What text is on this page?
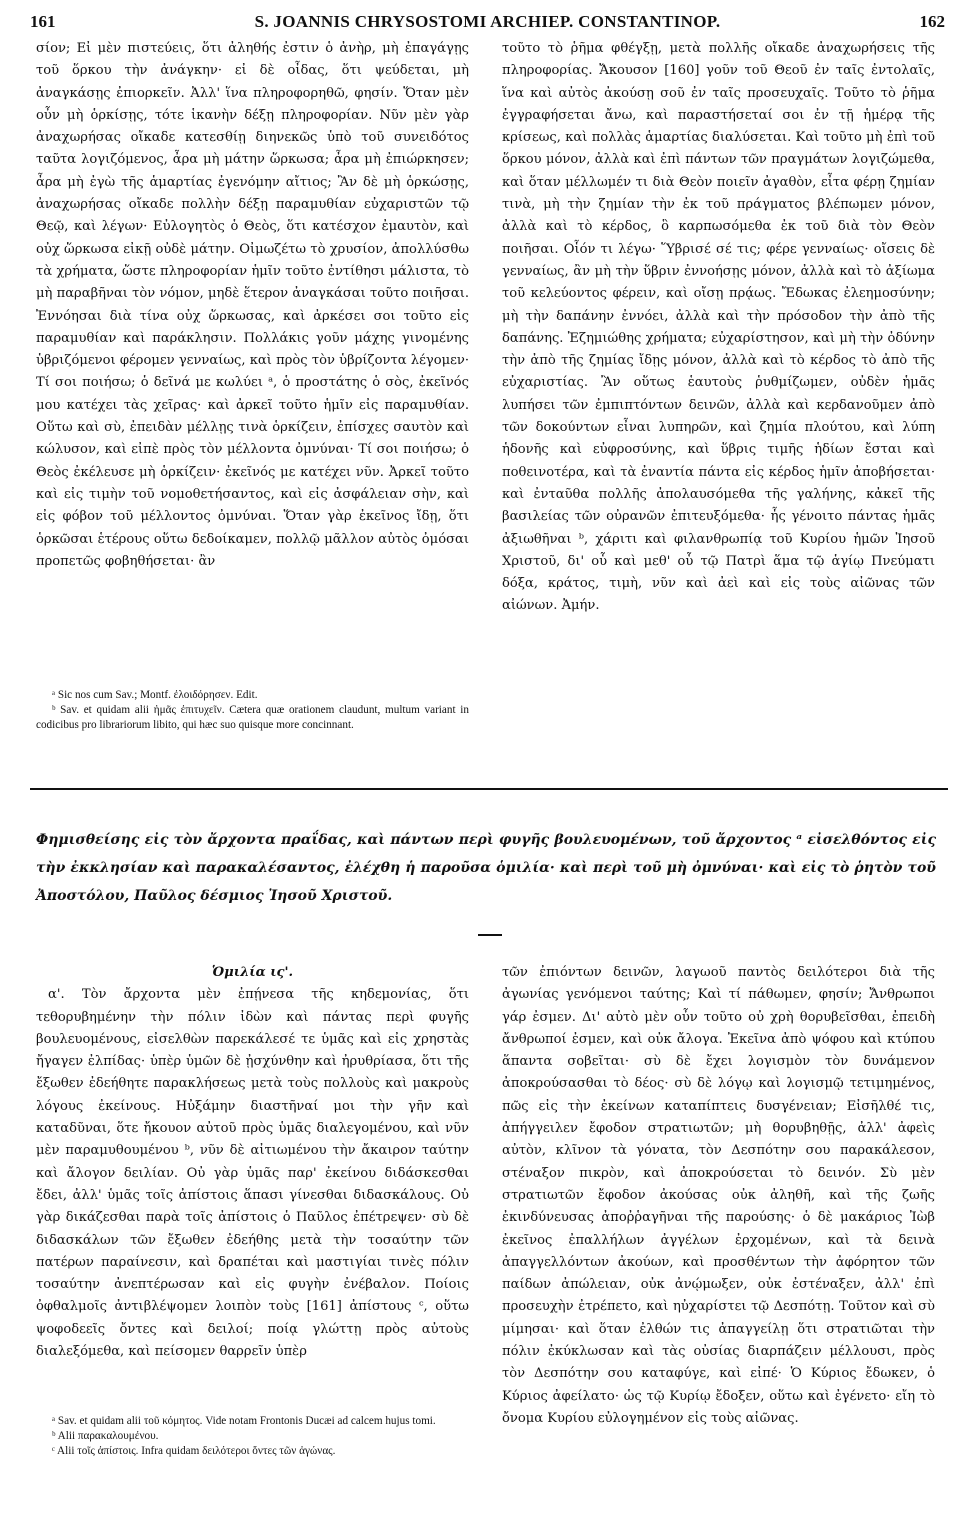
161	S. JOANNIS CHRYSOSTOMI ARCHIEP. CONSTANTINOP.	162

σίον; Εἰ μὲν πιστεύεις, ὅτι ἀληθής ἐστιν ὁ ἀνὴρ, μὴ ἐπαγάγῃς τοῦ ὅρκου τὴν ἀνάγκην· εἰ δὲ οἶδας, ὅτι ψεύδεται, μὴ ἀναγκάσῃς ἐπιορκεῖν. Ἀλλ' ἵνα πληροφορηθῶ, φησίν. Ὅταν μὲν οὖν μὴ ὁρκίσῃς, τότε ἱκανὴν δέξῃ πληροφορίαν. Νῦν μὲν γὰρ ἀναχωρήσας οἴκαδε κατεσθίῃ διηνεκῶς ὑπὸ τοῦ συνειδότος ταῦτα λογιζόμενος, ἆρα μὴ μάτην ὥρκωσα; ἆρα μὴ ἐπιώρκησεν; ἆρα μὴ ἐγὼ τῆς ἁμαρτίας ἐγενόμην αἴτιος; Ἂν δὲ μὴ ὁρκώσῃς, ἀναχωρήσας οἴκαδε πολλὴν δέξῃ παραμυθίαν εὐχαριστῶν τῷ Θεῷ, καὶ λέγων· Εὐλογητὸς ὁ Θεὸς, ὅτι κατέσχον ἐμαυτὸν, καὶ οὐχ ὥρκωσα εἰκῇ οὐδὲ μάτην. Οἰμωζέτω τὸ χρυσίον, ἀπολλύσθω τὰ χρήματα, ὥστε πληροφορίαν ἡμῖν τοῦτο ἐντίθησι μάλιστα, τὸ μὴ παραβῆναι τὸν νόμον, μηδὲ ἕτερον ἀναγκάσαι τοῦτο ποιῆσαι. Ἐννόησαι διὰ τίνα οὐχ ὥρκωσας, καὶ ἀρκέσει σοι τοῦτο εἰς παραμυθίαν καὶ παράκλησιν. Πολλάκις γοῦν μάχης γινομένης ὑβριζόμενοι φέρομεν γενναίως, καὶ πρὸς τὸν ὑβρίζοντα λέγομεν· Τί σοι ποιήσω; ὁ δεῖνά με κωλύει ᵃ, ὁ προστάτης ὁ σὸς, ἐκεῖνός μου κατέχει τὰς χεῖρας· καὶ ἀρκεῖ τοῦτο ἡμῖν εἰς παραμυθίαν. Οὕτω καὶ σὺ, ἐπειδὰν μέλλῃς τινὰ ὁρκίζειν, ἐπίσχες σαυτὸν καὶ κώλυσον, καὶ εἰπὲ πρὸς τὸν μέλλοντα ὀμνύναι· Τί σοι ποιήσω; ὁ Θεὸς ἐκέλευσε μὴ ὁρκίζειν· ἐκεῖνός με κατέχει νῦν. Ἀρκεῖ τοῦτο καὶ εἰς τιμὴν τοῦ νομοθετήσαντος, καὶ εἰς ἀσφάλειαν σὴν, καὶ εἰς φόβον τοῦ μέλλοντος ὀμνύναι. Ὅταν γὰρ ἐκεῖνος ἴδῃ, ὅτι ὁρκῶσαι ἑτέρους οὕτω δεδοίκαμεν, πολλῷ μᾶλλον αὐτὸς ὀμόσαι προπετῶς φοβηθήσεται· ἂν

ᵃ Sic nos cum Sav.; Montf. ἐλοιδόρησεν. Edit.

ᵇ Sav. et quidam alii ἡμᾶς ἐπιτυχεῖν. Cætera quæ orationem claudunt, multum variant in codicibus pro librariorum libito, qui hæc suo quisque more concinnant.

τοῦτο τὸ ῥῆμα φθέγξῃ, μετὰ πολλῆς οἴκαδε ἀναχωρήσεις τῆς πληροφορίας. Ἄκουσον [160] γοῦν τοῦ Θεοῦ ἐν ταῖς ἐντολαῖς, ἵνα καὶ αὐτὸς ἀκούσῃ σοῦ ἐν ταῖς προσευχαῖς. Τοῦτο τὸ ῥῆμα ἐγγραφήσεται ἄνω, καὶ παραστήσεταί σοι ἐν τῇ ἡμέρᾳ τῆς κρίσεως, καὶ πολλὰς ἁμαρτίας διαλύσεται. Καὶ τοῦτο μὴ ἐπὶ τοῦ ὅρκου μόνον, ἀλλὰ καὶ ἐπὶ πάντων τῶν πραγμάτων λογιζώμεθα, καὶ ὅταν μέλλωμέν τι διὰ Θεὸν ποιεῖν ἀγαθὸν, εἶτα φέρῃ ζημίαν τινὰ, μὴ τὴν ζημίαν τὴν ἐκ τοῦ πράγματος βλέπωμεν μόνον, ἀλλὰ καὶ τὸ κέρδος, ὃ καρπωσόμεθα ἐκ τοῦ διὰ τὸν Θεὸν ποιῆσαι. Οἷόν τι λέγω· Ὕβρισέ σέ τις; φέρε γενναίως· οἴσεις δὲ γενναίως, ἂν μὴ τὴν ὕβριν ἐννοήσῃς μόνον, ἀλλὰ καὶ τὸ ἀξίωμα τοῦ κελεύοντος φέρειν, καὶ οἴσῃ πρᾴως. Ἔδωκας ἐλεημοσύνην; μὴ τὴν δαπάνην ἐννόει, ἀλλὰ καὶ τὴν πρόσοδον τὴν ἀπὸ τῆς δαπάνης. Ἐζημιώθης χρήματα; εὐχαρίστησον, καὶ μὴ τὴν ὀδύνην τὴν ἀπὸ τῆς ζημίας ἴδῃς μόνον, ἀλλὰ καὶ τὸ κέρδος τὸ ἀπὸ τῆς εὐχαριστίας. Ἂν οὕτως ἑαυτοὺς ῥυθμίζωμεν, οὐδὲν ἡμᾶς λυπήσει τῶν ἐμπιπτόντων δεινῶν, ἀλλὰ καὶ κερδανοῦμεν ἀπὸ τῶν δοκούντων εἶναι λυπηρῶν, καὶ ζημία πλούτου, καὶ λύπη ἡδονῆς καὶ εὐφροσύνης, καὶ ὕβρις τιμῆς ἡδίων ἔσται καὶ ποθεινοτέρα, καὶ τὰ ἐναντία πάντα εἰς κέρδος ἡμῖν ἀποβήσεται· καὶ ἐνταῦθα πολλῆς ἀπολαυσόμεθα τῆς γαλήνης, κἀκεῖ τῆς βασιλείας τῶν οὐρανῶν ἐπιτευξόμεθα· ἧς γένοιτο πάντας ἡμᾶς ἀξιωθῆναι ᵇ, χάριτι καὶ φιλανθρωπίᾳ τοῦ Κυρίου ἡμῶν Ἰησοῦ Χριστοῦ, δι' οὗ καὶ μεθ' οὗ τῷ Πατρὶ ἅμα τῷ ἁγίῳ Πνεύματι δόξα, κράτος, τιμὴ, νῦν καὶ ἀεὶ καὶ εἰς τοὺς αἰῶνας τῶν αἰώνων. Ἀμήν.

Φημισθείσης εἰς τὸν ἄρχοντα πραΐδας, καὶ πάντων περὶ φυγῆς βουλευομένων, τοῦ ἄρχοντος ᵃ εἰσελθόντος εἰς τὴν ἐκκλησίαν καὶ παρακαλέσαντος, ἐλέχθη ἡ παροῦσα ὁμιλία· καὶ περὶ τοῦ μὴ ὀμνύναι· καὶ εἰς τὸ ῥητὸν τοῦ Ἀποστόλου, Παῦλος δέσμιος Ἰησοῦ Χριστοῦ.

Ὁμιλία ις'.

α'. Τὸν ἄρχοντα μὲν ἐπῄνεσα τῆς κηδεμονίας, ὅτι τεθορυβημένην τὴν πόλιν ἰδὼν καὶ πάντας περὶ φυγῆς βουλευομένους, εἰσελθὼν παρεκάλεσέ τε ὑμᾶς καὶ εἰς χρηστὰς ἤγαγεν ἐλπίδας· ὑπὲρ ὑμῶν δὲ ᾐσχύνθην καὶ ἠρυθρίασα, ὅτι τῆς ἔξωθεν ἐδεήθητε παρακλήσεως μετὰ τοὺς πολλοὺς καὶ μακροὺς λόγους ἐκείνους. Ηὐξάμην διαστῆναί μοι τὴν γῆν καὶ καταδῦναι, ὅτε ἤκουον αὐτοῦ πρὸς ὑμᾶς διαλεγομένου, καὶ νῦν μὲν παραμυθουμένου ᵇ, νῦν δὲ αἰτιωμένου τὴν ἄκαιρον ταύτην καὶ ἄλογον δειλίαν. Οὐ γὰρ ὑμᾶς παρ' ἐκείνου διδάσκεσθαι ἔδει, ἀλλ' ὑμᾶς τοῖς ἀπίστοις ἅπασι γίνεσθαι διδασκάλους. Οὐ γὰρ δικάζεσθαι παρὰ τοῖς ἀπίστοις ὁ Παῦλος ἐπέτρεψεν· σὺ δὲ διδασκάλων τῶν ἔξωθεν ἐδεήθης μετὰ τὴν τοσαύτην τῶν πατέρων παραίνεσιν, καὶ δραπέται καὶ μαστιγίαι τινὲς πόλιν τοσαύτην ἀνεπτέρωσαν καὶ εἰς φυγὴν ἐνέβαλον. Ποίοις ὀφθαλμοῖς ἀντιβλέψομεν λοιπὸν τοὺς [161] ἀπίστους ᶜ, οὕτω ψοφοδεεῖς ὄντες καὶ δειλοί; ποίᾳ γλώττῃ πρὸς αὐτοὺς διαλεξόμεθα, καὶ πείσομεν θαρρεῖν ὑπὲρ

ᵃ Sav. et quidam alii τοῦ κόμητος. Vide notam Frontonis Ducæi ad calcem hujus tomi.

ᵇ Alii παρακαλουμένου.

ᶜ Alii τοῖς ἀπίστοις. Infra quidam δειλότεροι ὄντες τῶν ἀγώνας.

τῶν ἐπιόντων δεινῶν, λαγωοῦ παντὸς δειλότεροι διὰ τῆς ἀγωνίας γενόμενοι ταύτης; Καὶ τί πάθωμεν, φησίν; Ἄνθρωποι γάρ ἐσμεν. Δι' αὐτὸ μὲν οὖν τοῦτο οὐ χρὴ θορυβεῖσθαι, ἐπειδὴ ἄνθρωποί ἐσμεν, καὶ οὐκ ἄλογα. Ἐκεῖνα ἀπὸ ψόφου καὶ κτύπου ἅπαντα σοβεῖται· σὺ δὲ ἔχει λογισμὸν τὸν δυνάμενον ἀποκρούσασθαι τὸ δέος· σὺ δὲ λόγῳ καὶ λογισμῷ τετιμημένος, πῶς εἰς τὴν ἐκείνων καταπίπτεις δυσγένειαν; Εἰσῆλθέ τις, ἀπήγγειλεν ἔφοδον στρατιωτῶν; μὴ θορυβηθῇς, ἀλλ' ἀφεὶς αὐτὸν, κλῖνον τὰ γόνατα, τὸν Δεσπότην σου παρακάλεσον, στέναξον πικρὸν, καὶ ἀποκρούσεται τὸ δεινόν. Σὺ μὲν στρατιωτῶν ἔφοδον ἀκούσας οὐκ ἀληθῆ, καὶ τῆς ζωῆς ἐκινδύνευσας ἀποῤῥαγῆναι τῆς παρούσης· ὁ δὲ μακάριος Ἰὼβ ἐκεῖνος ἐπαλλήλων ἀγγέλων ἐρχομένων, καὶ τὰ δεινὰ ἀπαγγελλόντων ἀκούων, καὶ προσθέντων τὴν ἀφόρητον τῶν παίδων ἀπώλειαν, οὐκ ἀνῴμωξεν, οὐκ ἐστέναξεν, ἀλλ' ἐπὶ προσευχὴν ἐτρέπετο, καὶ ηὐχαρίστει τῷ Δεσπότῃ. Τοῦτον καὶ σὺ μίμησαι· καὶ ὅταν ἐλθών τις ἀπαγγείλῃ ὅτι στρατιῶται τὴν πόλιν ἐκύκλωσαν καὶ τὰς οὐσίας διαρπάζειν μέλλουσι, πρὸς τὸν Δεσπότην σου καταφύγε, καὶ εἰπέ· Ὁ Κύριος ἔδωκεν, ὁ Κύριος ἀφείλατο· ὡς τῷ Κυρίῳ ἔδοξεν, οὕτω καὶ ἐγένετο· εἴη τὸ ὄνομα Κυρίου εὐλογημένον εἰς τοὺς αἰῶνας.
